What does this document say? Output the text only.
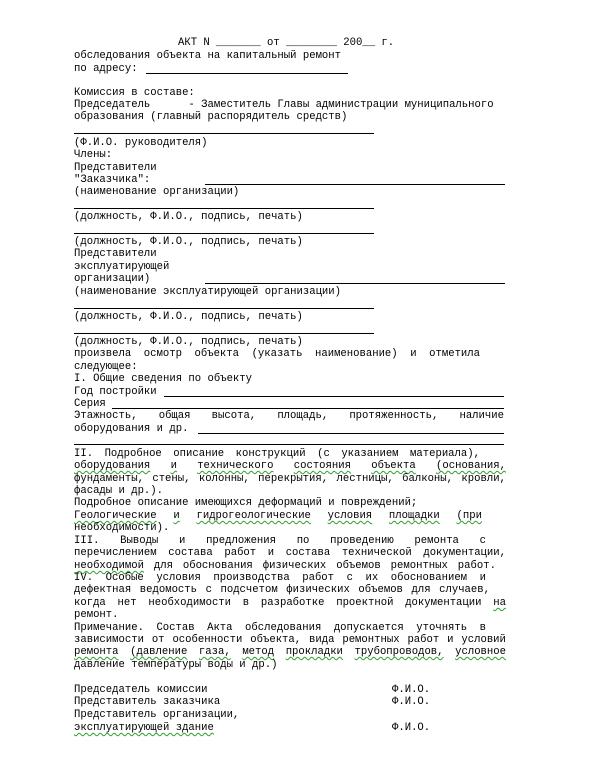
АКТ N _______ от ________ 200__ г.
обследования объекта на капитальный ремонт
по адресу:
Комиссия в составе:
Председатель      - Заместитель Главы администрации муниципального
образования (главный распорядитель средств)
(Ф.И.О. руководителя)
Члены:
Представители
"Заказчика":
(наименование организации)
(должность, Ф.И.О., подпись, печать)
(должность, Ф.И.О., подпись, печать)
Представители
эксплуатирующей
организации)
(наименование эксплуатирующей организации)
(должность, Ф.И.О., подпись, печать)
(должность, Ф.И.О., подпись, печать)
произвела осмотр объекта (указать наименование) и отметила
следующее:
I. Общие сведения по объекту
Год постройки
Серия
Этажность, общая высота, площадь, протяженность, наличие
оборудования и др.
II. Подробное описание конструкций (с указанием материала),
оборудования и технического состояния объекта (основания,
фундаменты, стены, колонны, перекрытия, лестницы, балконы, кровли,
фасады и др.).
Подробное описание имеющихся деформаций и повреждений;
Геологические и гидрогеологические условия площадки (при
необходимости).
III. Выводы и предложения по проведению ремонта с
перечислением состава работ и состава технической документации,
необходимой для обоснования физических объемов ремонтных работ.
IV. Особые условия производства работ с их обоснованием и
дефектная ведомость с подсчетом физических объемов для случаев,
когда нет необходимости в разработке проектной документации на
ремонт.
Примечание. Состав Акта обследования допускается уточнять в
зависимости от особенности объекта, вида ремонтных работ и условий
ремонта (давление газа, метод прокладки трубопроводов, условное
давление температуры воды и др.)
Председатель комиссии	Ф.И.О.
Представитель заказчика	Ф.И.О.
Представитель организации,
эксплуатирующей здание	Ф.И.О.
